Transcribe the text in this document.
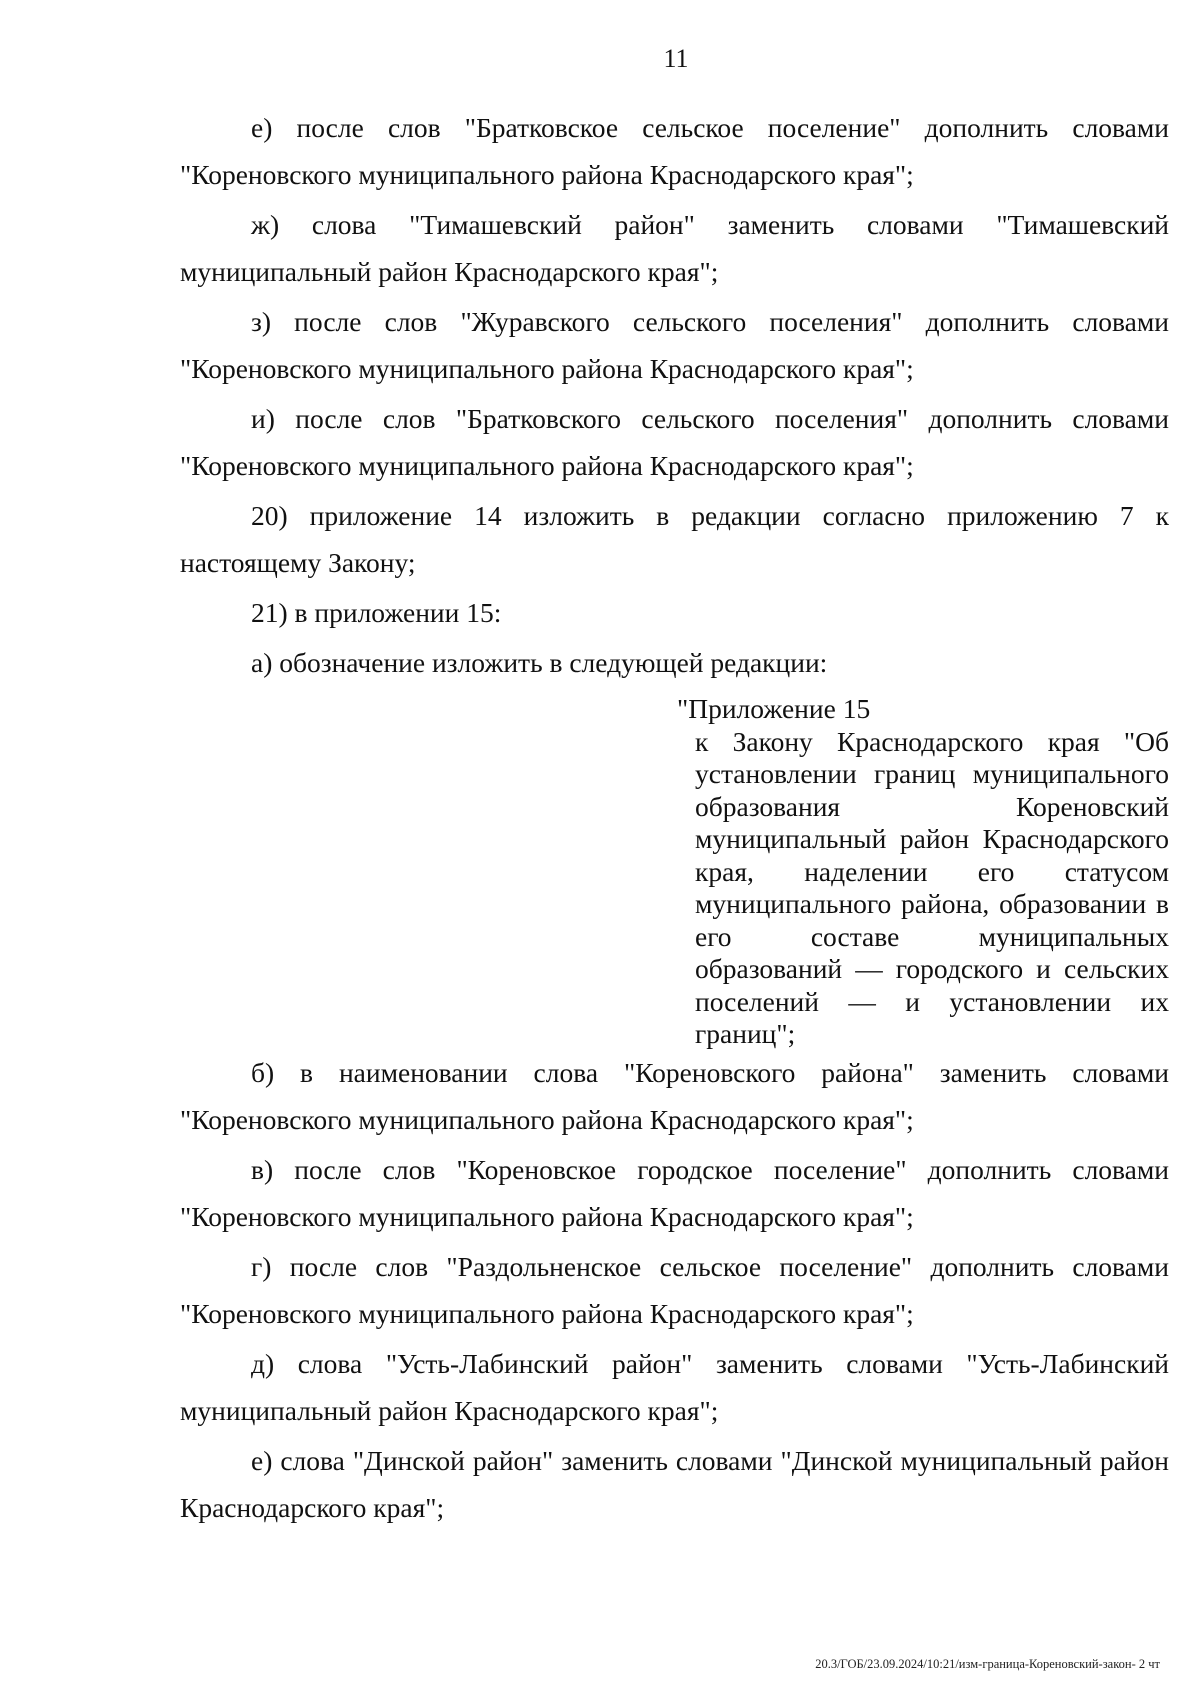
11

е) после слов "Братковское сельское поселение" дополнить словами "Кореновского муниципального района Краснодарского края";

ж) слова "Тимашевский район" заменить словами "Тимашевский муниципальный район Краснодарского края";

з) после слов "Журавского сельского поселения" дополнить словами "Кореновского муниципального района Краснодарского края";

и) после слов "Братковского сельского поселения" дополнить словами "Кореновского муниципального района Краснодарского края";

20) приложение 14 изложить в редакции согласно приложению 7 к настоящему Закону;

21) в приложении 15:

а) обозначение изложить в следующей редакции:

"Приложение 15

к Закону Краснодарского края "Об установлении границ муниципального образования Кореновский муниципальный район Краснодарского края, наделении его статусом муниципального района, образовании в его составе муниципальных образований — городского и сельских поселений — и установлении их границ";

б) в наименовании слова "Кореновского района" заменить словами "Кореновского муниципального района Краснодарского края";

в) после слов "Кореновское городское поселение" дополнить словами "Кореновского муниципального района Краснодарского края";

г) после слов "Раздольненское сельское поселение" дополнить словами "Кореновского муниципального района Краснодарского края";

д) слова "Усть-Лабинский район" заменить словами "Усть-Лабинский муниципальный район Краснодарского края";

е) слова "Динской район" заменить словами "Динской муниципальный район Краснодарского края";

20.3/ГОБ/23.09.2024/10:21/изм-граница-Кореновский-закон- 2 чт
